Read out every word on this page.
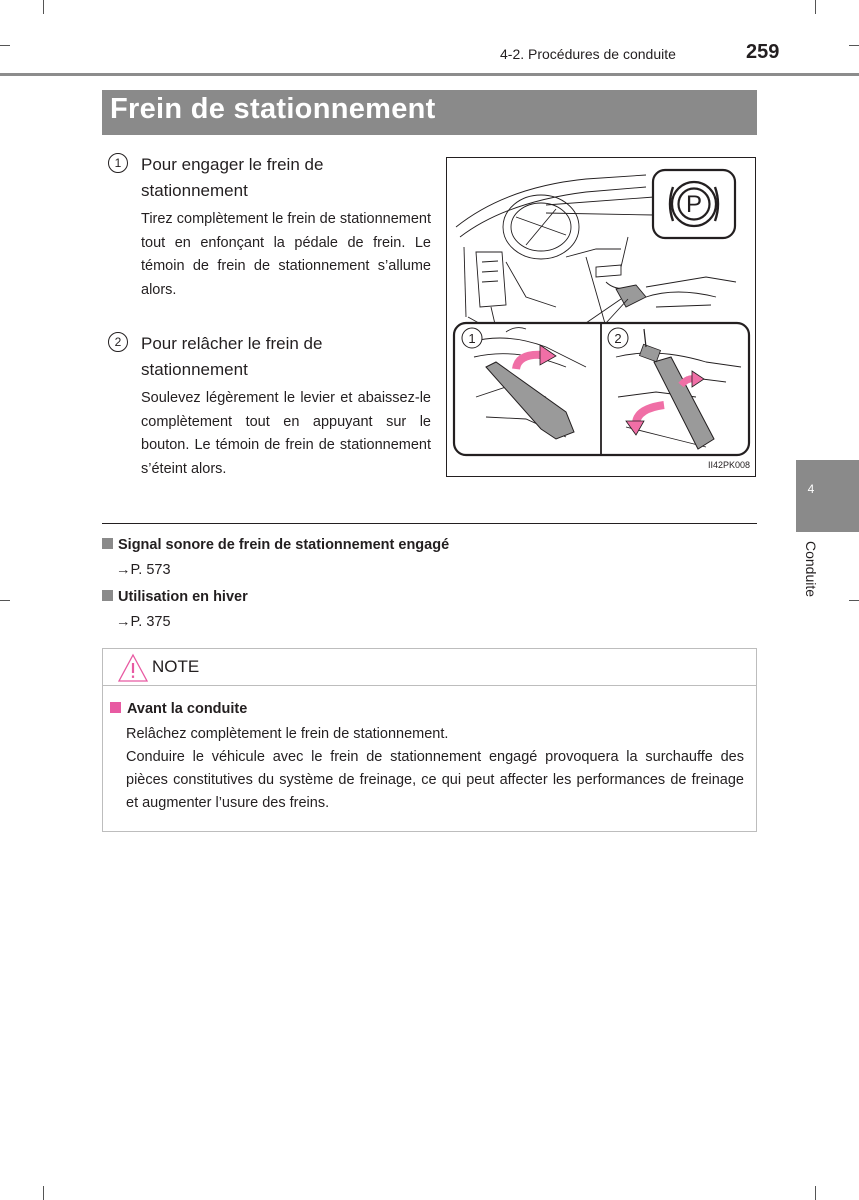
4-2. Procédures de conduite	259
Frein de stationnement
1	Pour engager le frein de stationnement
Tirez complètement le frein de stationnement tout en enfonçant la pédale de frein. Le témoin de frein de stationnement s’allume alors.
2	Pour relâcher le frein de stationnement
Soulevez légèrement le levier et abaissez-le complètement tout en appuyant sur le bouton. Le témoin de frein de stationnement s’éteint alors.
P
1	2
II42PK008
4
Conduite
Signal sonore de frein de stationnement engagé
→P. 573
Utilisation en hiver
→P. 375
NOTE
Avant la conduite
Relâchez complètement le frein de stationnement.
Conduire le véhicule avec le frein de stationnement engagé provoquera la surchauffe des pièces constitutives du système de freinage, ce qui peut affecter les performances de freinage et augmenter l’usure des freins.
